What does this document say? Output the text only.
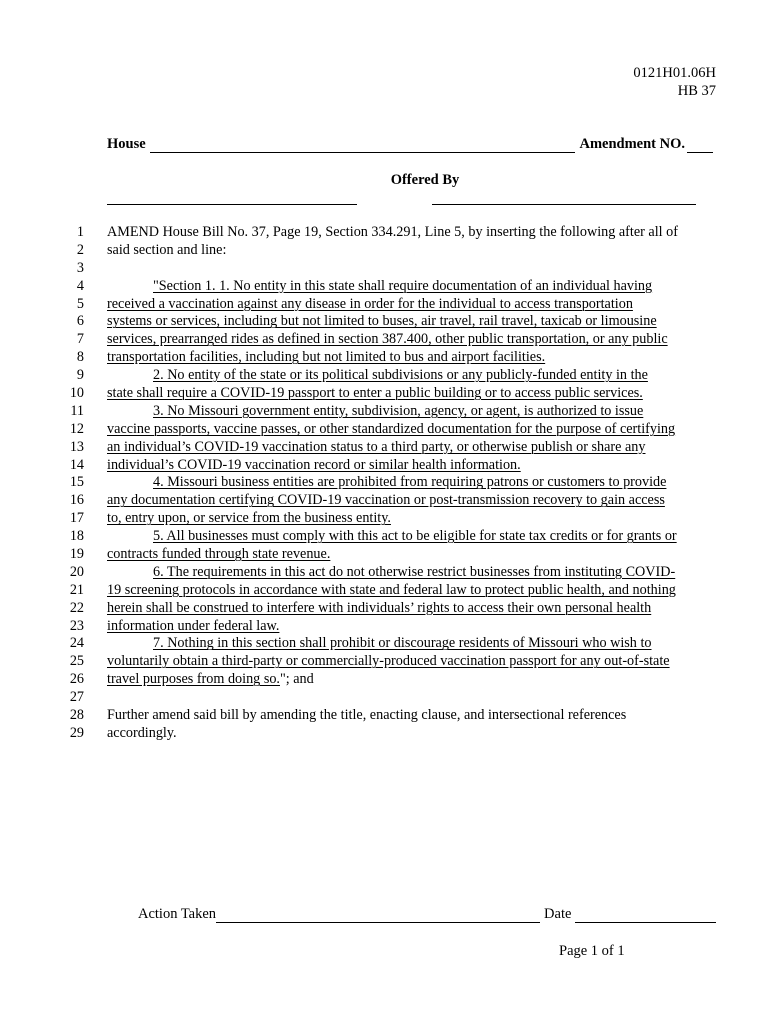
0121H01.06H
HB 37
House	Amendment NO.
Offered By
1 AMEND House Bill No. 37, Page 19, Section 334.291, Line 5, by inserting the following after all of
2 said section and line:
3
4	"Section 1. 1. No entity in this state shall require documentation of an individual having
5 received a vaccination against any disease in order for the individual to access transportation
6 systems or services, including but not limited to buses, air travel, rail travel, taxicab or limousine
7 services, prearranged rides as defined in section 387.400, other public transportation, or any public
8 transportation facilities, including but not limited to bus and airport facilities.
9	2. No entity of the state or its political subdivisions or any publicly-funded entity in the
10 state shall require a COVID-19 passport to enter a public building or to access public services.
11	3. No Missouri government entity, subdivision, agency, or agent, is authorized to issue
12 vaccine passports, vaccine passes, or other standardized documentation for the purpose of certifying
13 an individual’s COVID-19 vaccination status to a third party, or otherwise publish or share any
14 individual’s COVID-19 vaccination record or similar health information.
15	4. Missouri business entities are prohibited from requiring patrons or customers to provide
16 any documentation certifying COVID-19 vaccination or post-transmission recovery to gain access
17 to, entry upon, or service from the business entity.
18	5. All businesses must comply with this act to be eligible for state tax credits or for grants or
19 contracts funded through state revenue.
20	6. The requirements in this act do not otherwise restrict businesses from instituting COVID-
21 19 screening protocols in accordance with state and federal law to protect public health, and nothing
22 herein shall be construed to interfere with individuals’ rights to access their own personal health
23 information under federal law.
24	7. Nothing in this section shall prohibit or discourage residents of Missouri who wish to
25 voluntarily obtain a third-party or commercially-produced vaccination passport for any out-of-state
26 travel purposes from doing so."; and
27
28 Further amend said bill by amending the title, enacting clause, and intersectional references
29 accordingly.
Action Taken	Date
Page 1 of 1
